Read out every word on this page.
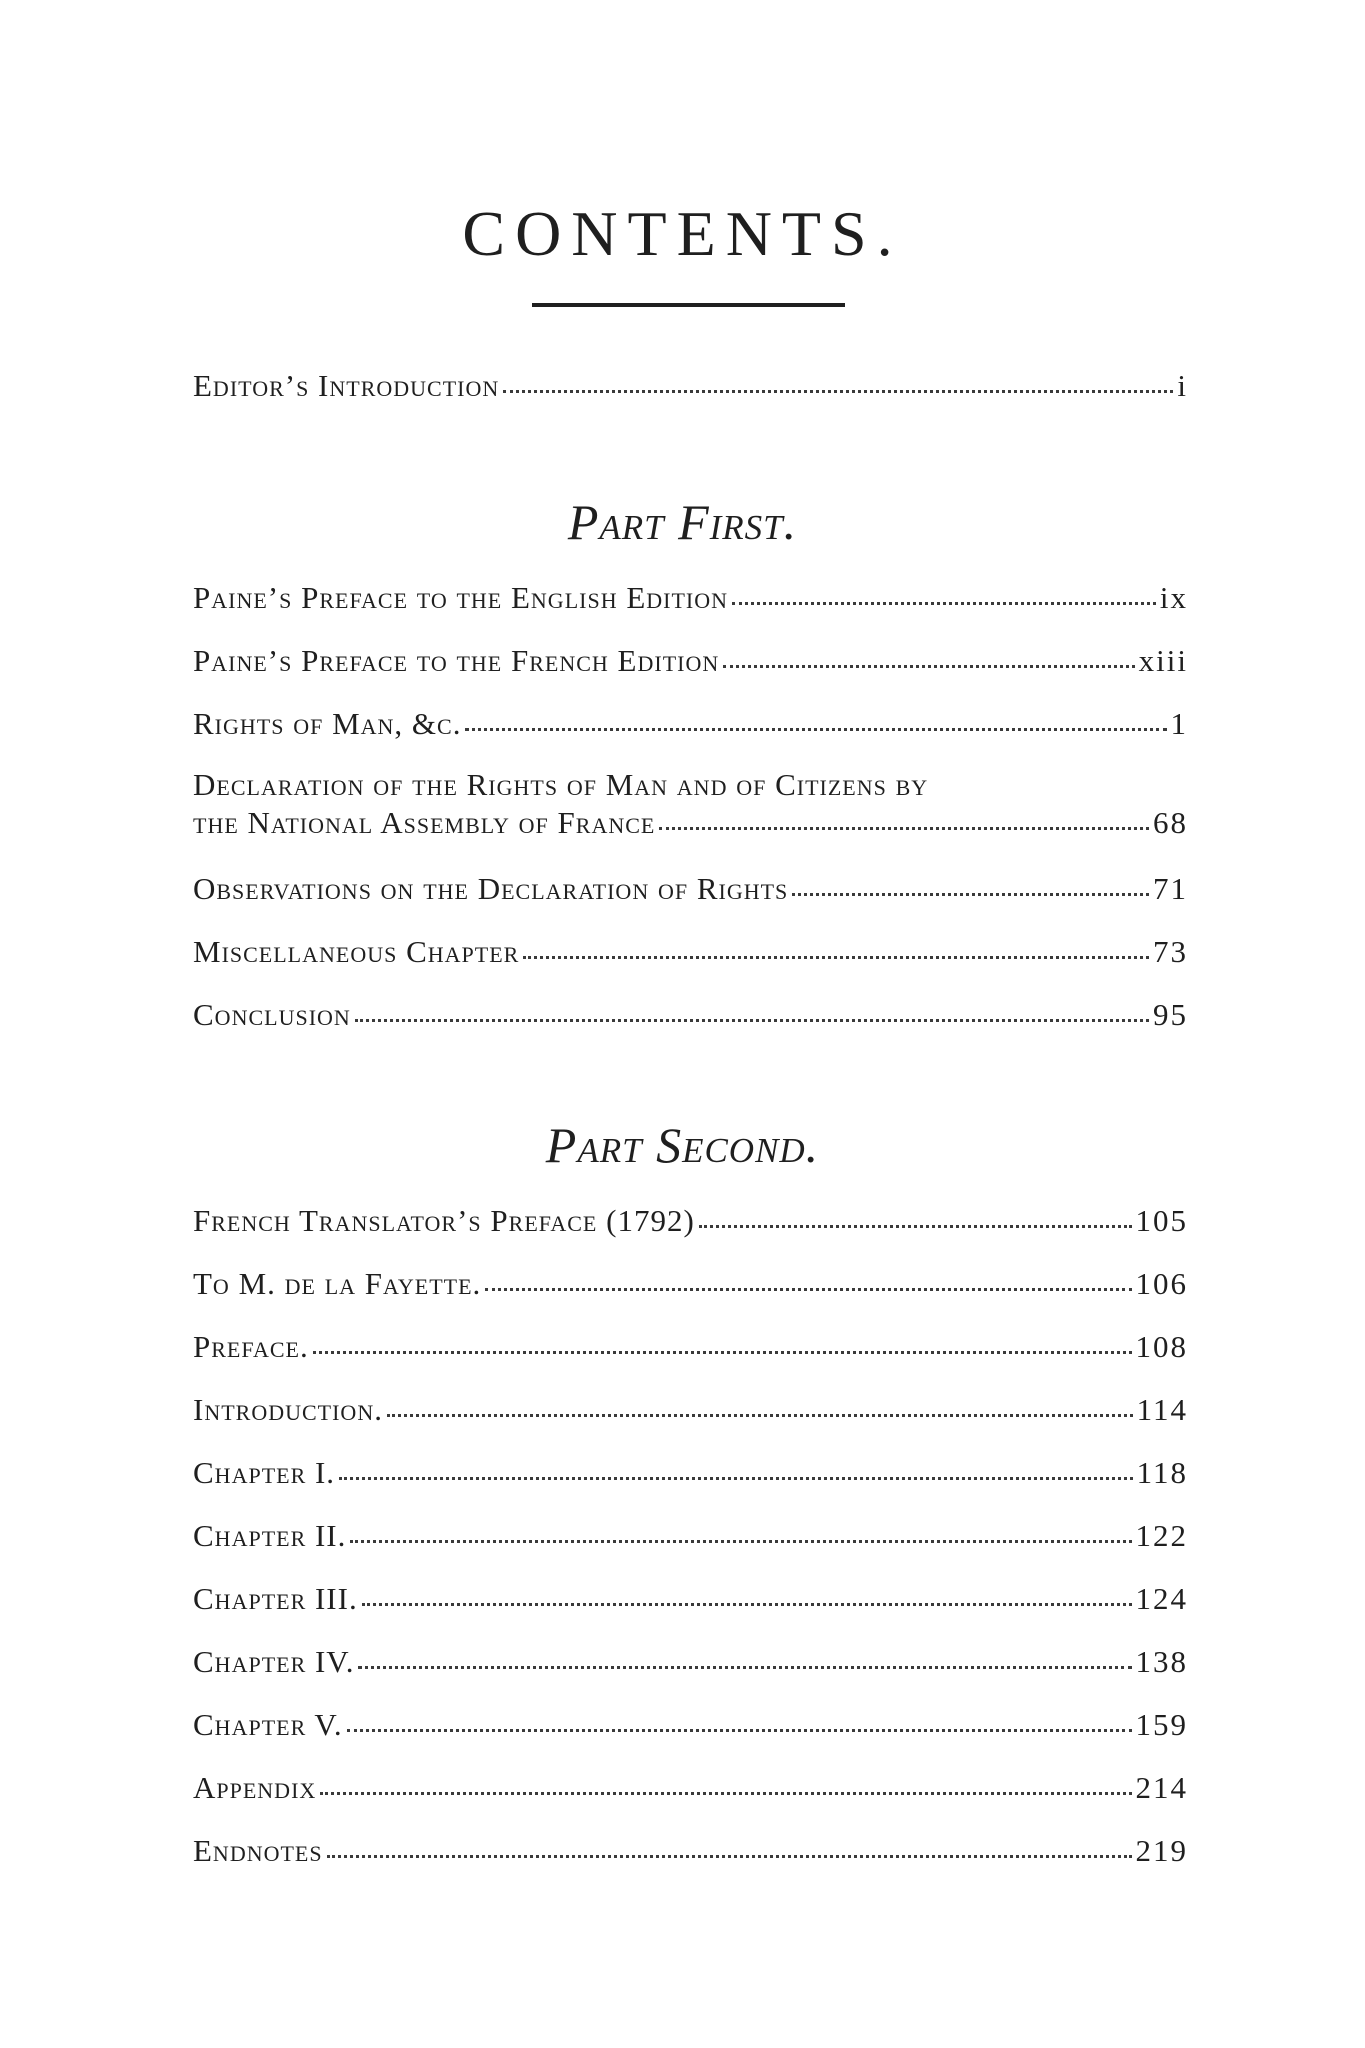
CONTENTS.
Editor’s Introduction	i
Part First.
Paine’s Preface to the English Edition	ix
Paine’s Preface to the French Edition	xiii
Rights of Man, &c.	1
Declaration of the Rights of Man and of Citizens by
the National Assembly of France	68
Observations on the Declaration of Rights	71
Miscellaneous Chapter	73
Conclusion	95
Part Second.
French Translator’s Preface (1792)	105
To M. de la Fayette.	106
Preface.	108
Introduction.	114
Chapter I.	118
Chapter II.	122
Chapter III.	124
Chapter IV.	138
Chapter V.	159
Appendix	214
Endnotes	219
